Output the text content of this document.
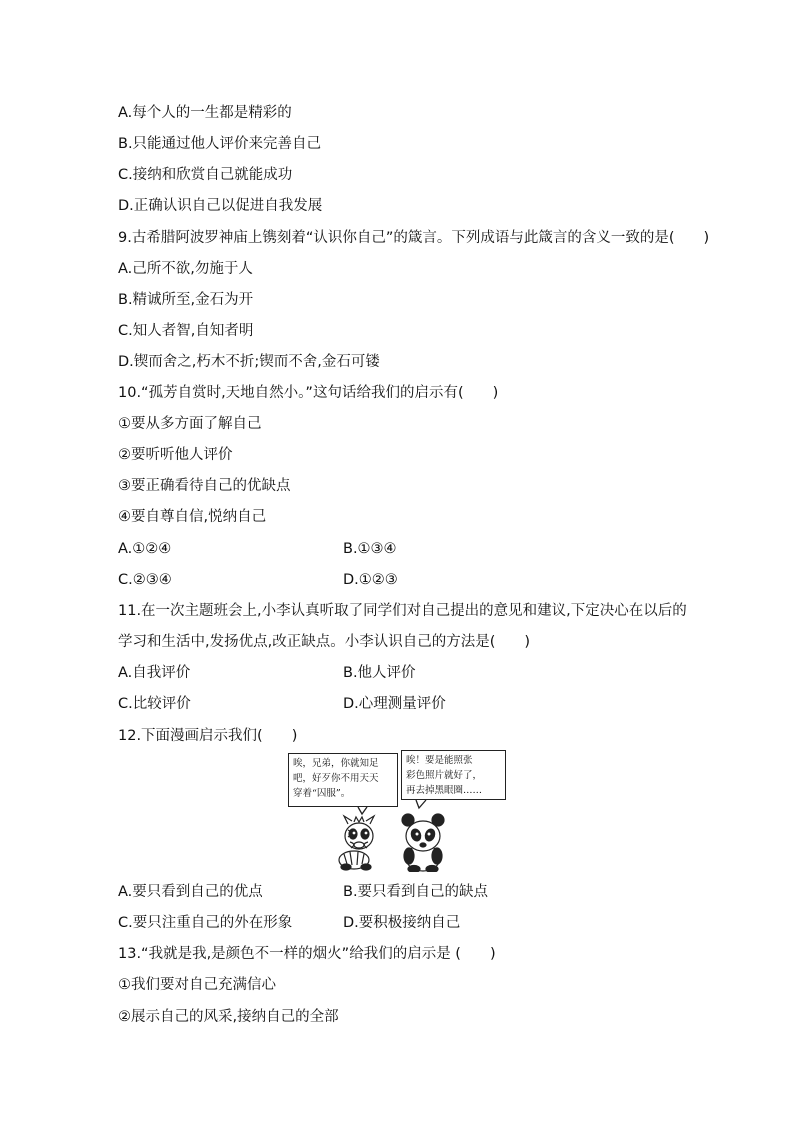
A.每个人的一生都是精彩的
B.只能通过他人评价来完善自己
C.接纳和欣赏自己就能成功
D.正确认识自己以促进自我发展
9.古希腊阿波罗神庙上镌刻着“认识你自己”的箴言。下列成语与此箴言的含义一致的是(　　)
A.己所不欲,勿施于人
B.精诚所至,金石为开
C.知人者智,自知者明
D.锲而舍之,朽木不折;锲而不舍,金石可镂
10.“孤芳自赏时,天地自然小。”这句话给我们的启示有(　　)
①要从多方面了解自己
②要听听他人评价
③要正确看待自己的优缺点
④要自尊自信,悦纳自己
A.①②④	B.①③④
C.②③④	D.①②③
11.在一次主题班会上,小李认真听取了同学们对自己提出的意见和建议,下定决心在以后的
学习和生活中,发扬优点,改正缺点。小李认识自己的方法是(　　)
A.自我评价	B.他人评价
C.比较评价	D.心理测量评价
12.下面漫画启示我们(　　)
唉，兄弟，你就知足
吧，好歹你不用天天
穿着“囚服”。
唉！要是能照张
彩色照片就好了，
再去掉黑眼圈……
A.要只看到自己的优点	B.要只看到自己的缺点
C.要只注重自己的外在形象	D.要积极接纳自己
13.“我就是我,是颜色不一样的烟火”给我们的启示是 (　　)
①我们要对自己充满信心
②展示自己的风采,接纳自己的全部
